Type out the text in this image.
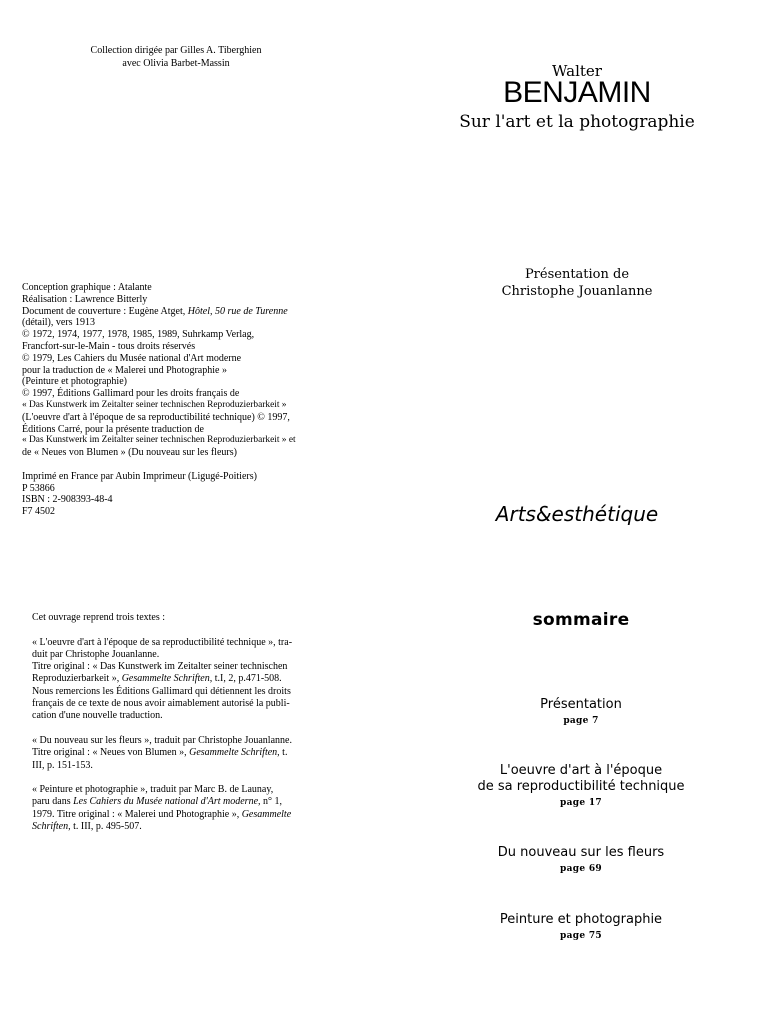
Collection dirigée par Gilles A. Tiberghien
avec Olivia Barbet-Massin	Walter
BENJAMIN
Sur l'art et la photographie
Présentation de
Christophe Jouanlanne
Conception graphique : Atalante
Réalisation : Lawrence Bitterly
Document de couverture : Eugène Atget, Hôtel, 50 rue de Turenne
(détail), vers 1913
© 1972, 1974, 1977, 1978, 1985, 1989, Suhrkamp Verlag,
Francfort-sur-le-Main - tous droits réservés
© 1979, Les Cahiers du Musée national d'Art moderne
pour la traduction de « Malerei und Photographie »
(Peinture et photographie)
© 1997, Éditions Gallimard pour les droits français de
« Das Kunstwerk im Zeitalter seiner technischen Reproduzierbarkeit »
(L'oeuvre d'art à l'époque de sa reproductibilité technique) © 1997,
Éditions Carré, pour la présente traduction de
« Das Kunstwerk im Zeitalter seiner technischen Reproduzierbarkeit » et
de « Neues von Blumen » (Du nouveau sur les fleurs)
Imprimé en France par Aubin Imprimeur (Ligugé-Poitiers)
P 53866
ISBN : 2-908393-48-4
F7 4502	Arts&esthétique
Cet ouvrage reprend trois textes :
« L'oeuvre d'art à l'époque de sa reproductibilité technique », tra-
duit par Christophe Jouanlanne.
Titre original : « Das Kunstwerk im Zeitalter seiner technischen
Reproduzierbarkeit », Gesammelte Schriften, t.I, 2, p.471-508.
Nous remercions les Éditions Gallimard qui détiennent les droits
français de ce texte de nous avoir aimablement autorisé la publi-
cation d'une nouvelle traduction.
« Du nouveau sur les fleurs », traduit par Christophe Jouanlanne.
Titre original : « Neues von Blumen », Gesammelte Schriften, t.
III, p. 151-153.
« Peinture et photographie », traduit par Marc B. de Launay,
paru dans Les Cahiers du Musée national d'Art moderne, n° 1,
1979. Titre original : « Malerei und Photographie », Gesammelte
Schriften, t. III, p. 495-507.
sommaire
Présentation
page 7
L'oeuvre d'art à l'époque
de sa reproductibilité technique
page 17
Du nouveau sur les fleurs
page 69
Peinture et photographie
page 75
